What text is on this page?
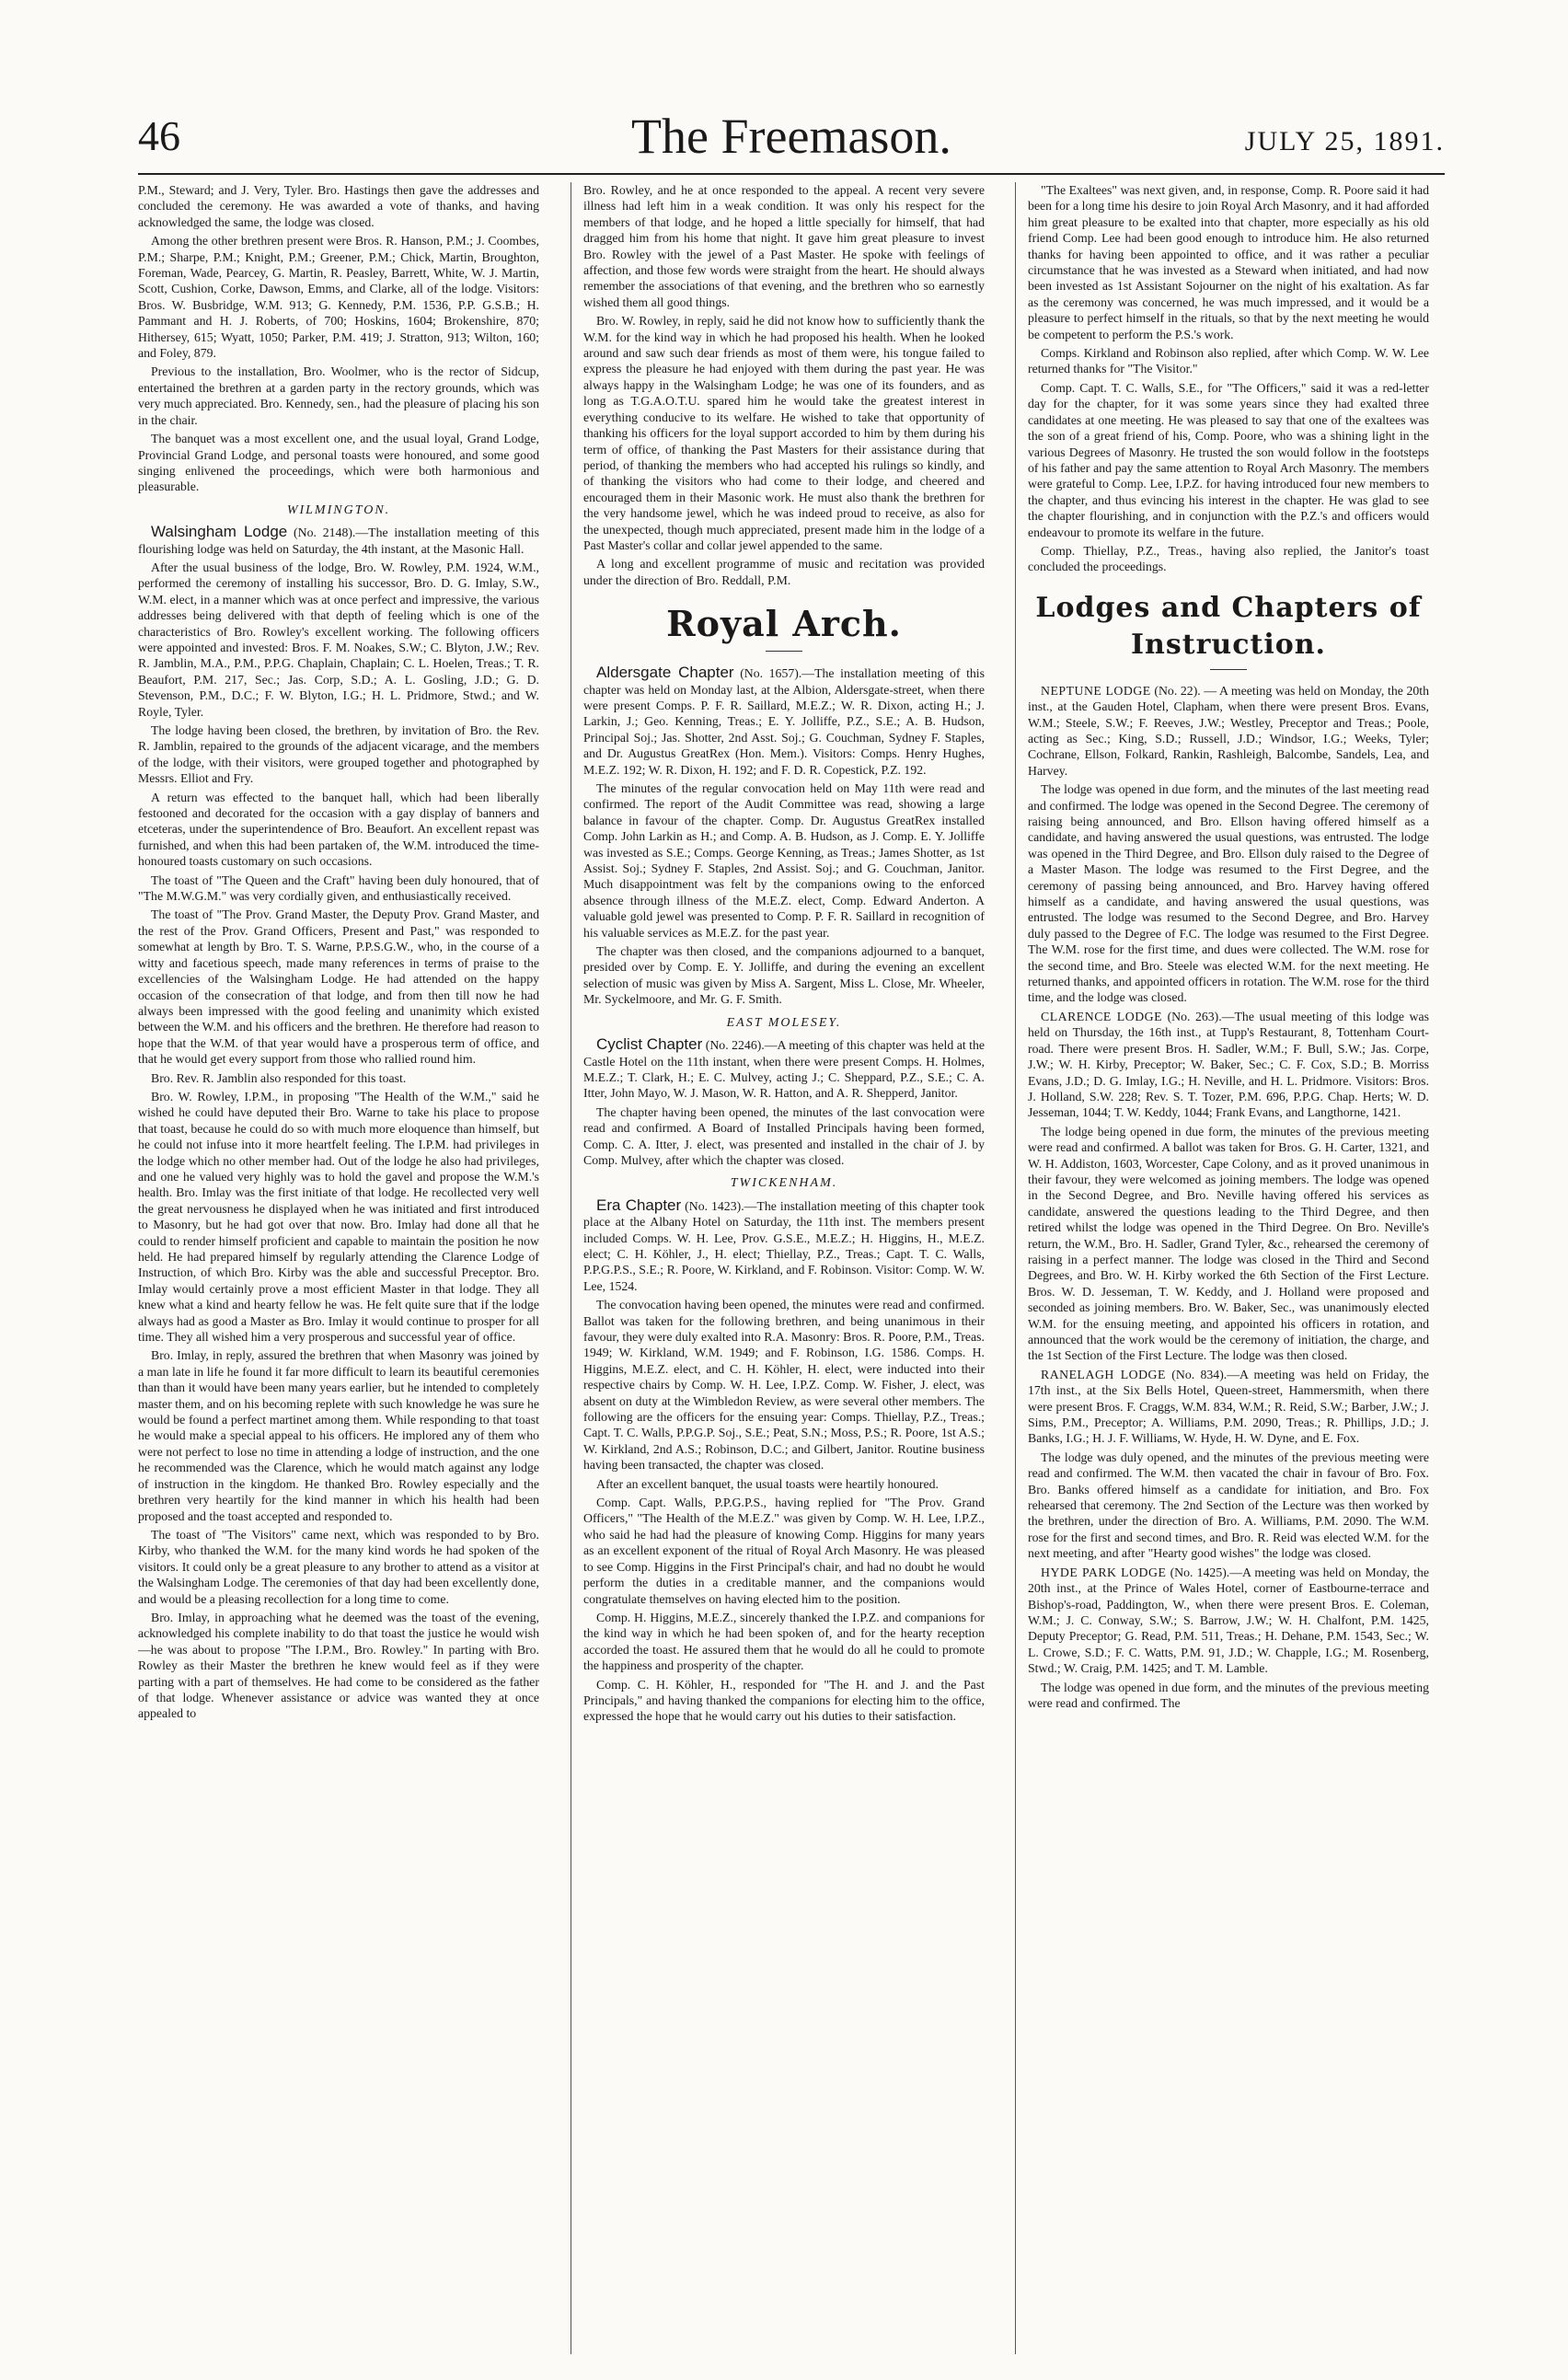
46	The Freemason.	JULY 25, 1891.

P.M., Steward; and J. Very, Tyler. Bro. Hastings then gave the addresses and concluded the ceremony. He was awarded a vote of thanks, and having acknowledged the same, the lodge was closed.

Among the other brethren present were Bros. R. Hanson, P.M.; J. Coombes, P.M.; Sharpe, P.M.; Knight, P.M.; Greener, P.M.; Chick, Martin, Broughton, Foreman, Wade, Pearcey, G. Martin, R. Peasley, Barrett, White, W. J. Martin, Scott, Cushion, Corke, Dawson, Emms, and Clarke, all of the lodge. Visitors: Bros. W. Busbridge, W.M. 913; G. Kennedy, P.M. 1536, P.P. G.S.B.; H. Pammant and H. J. Roberts, of 700; Hoskins, 1604; Brokenshire, 870; Hithersey, 615; Wyatt, 1050; Parker, P.M. 419; J. Stratton, 913; Wilton, 160; and Foley, 879.

Previous to the installation, Bro. Woolmer, who is the rector of Sidcup, entertained the brethren at a garden party in the rectory grounds, which was very much appreciated. Bro. Kennedy, sen., had the pleasure of placing his son in the chair.

The banquet was a most excellent one, and the usual loyal, Grand Lodge, Provincial Grand Lodge, and personal toasts were honoured, and some good singing enlivened the proceedings, which were both harmonious and pleasurable.

WILMINGTON.

Walsingham Lodge (No. 2148).—The installation meeting of this flourishing lodge was held on Saturday, the 4th instant, at the Masonic Hall.

After the usual business of the lodge, Bro. W. Rowley, P.M. 1924, W.M., performed the ceremony of installing his successor, Bro. D. G. Imlay, S.W., W.M. elect, in a manner which was at once perfect and impressive, the various addresses being delivered with that depth of feeling which is one of the characteristics of Bro. Rowley's excellent working. The following officers were appointed and invested: Bros. F. M. Noakes, S.W.; C. Blyton, J.W.; Rev. R. Jamblin, M.A., P.M., P.P.G. Chaplain, Chaplain; C. L. Hoelen, Treas.; T. R. Beaufort, P.M. 217, Sec.; Jas. Corp, S.D.; A. L. Gosling, J.D.; G. D. Stevenson, P.M., D.C.; F. W. Blyton, I.G.; H. L. Pridmore, Stwd.; and W. Royle, Tyler.

The lodge having been closed, the brethren, by invitation of Bro. the Rev. R. Jamblin, repaired to the grounds of the adjacent vicarage, and the members of the lodge, with their visitors, were grouped together and photographed by Messrs. Elliot and Fry.

A return was effected to the banquet hall, which had been liberally festooned and decorated for the occasion with a gay display of banners and etceteras, under the superintendence of Bro. Beaufort. An excellent repast was furnished, and when this had been partaken of, the W.M. introduced the time-honoured toasts customary on such occasions.

The toast of "The Queen and the Craft" having been duly honoured, that of "The M.W.G.M." was very cordially given, and enthusiastically received.

The toast of "The Prov. Grand Master, the Deputy Prov. Grand Master, and the rest of the Prov. Grand Officers, Present and Past," was responded to somewhat at length by Bro. T. S. Warne, P.P.S.G.W., who, in the course of a witty and facetious speech, made many references in terms of praise to the excellencies of the Walsingham Lodge. He had attended on the happy occasion of the consecration of that lodge, and from then till now he had always been impressed with the good feeling and unanimity which existed between the W.M. and his officers and the brethren. He therefore had reason to hope that the W.M. of that year would have a prosperous term of office, and that he would get every support from those who rallied round him.

Bro. Rev. R. Jamblin also responded for this toast.

Bro. W. Rowley, I.P.M., in proposing "The Health of the W.M.," said he wished he could have deputed their Bro. Warne to take his place to propose that toast, because he could do so with much more eloquence than himself, but he could not infuse into it more heartfelt feeling. The I.P.M. had privileges in the lodge which no other member had. Out of the lodge he also had privileges, and one he valued very highly was to hold the gavel and propose the W.M.'s health. Bro. Imlay was the first initiate of that lodge. He recollected very well the great nervousness he displayed when he was initiated and first introduced to Masonry, but he had got over that now. Bro. Imlay had done all that he could to render himself proficient and capable to maintain the position he now held. He had prepared himself by regularly attending the Clarence Lodge of Instruction, of which Bro. Kirby was the able and successful Preceptor. Bro. Imlay would certainly prove a most efficient Master in that lodge. They all knew what a kind and hearty fellow he was. He felt quite sure that if the lodge always had as good a Master as Bro. Imlay it would continue to prosper for all time. They all wished him a very prosperous and successful year of office.

Bro. Imlay, in reply, assured the brethren that when Masonry was joined by a man late in life he found it far more difficult to learn its beautiful ceremonies than than it would have been many years earlier, but he intended to completely master them, and on his becoming replete with such knowledge he was sure he would be found a perfect martinet among them. While responding to that toast he would make a special appeal to his officers. He implored any of them who were not perfect to lose no time in attending a lodge of instruction, and the one he recommended was the Clarence, which he would match against any lodge of instruction in the kingdom. He thanked Bro. Rowley especially and the brethren very heartily for the kind manner in which his health had been proposed and the toast accepted and responded to.

The toast of "The Visitors" came next, which was responded to by Bro. Kirby, who thanked the W.M. for the many kind words he had spoken of the visitors. It could only be a great pleasure to any brother to attend as a visitor at the Walsingham Lodge. The ceremonies of that day had been excellently done, and would be a pleasing recollection for a long time to come.

Bro. Imlay, in approaching what he deemed was the toast of the evening, acknowledged his complete inability to do that toast the justice he would wish—he was about to propose "The I.P.M., Bro. Rowley." In parting with Bro. Rowley as their Master the brethren he knew would feel as if they were parting with a part of themselves. He had come to be considered as the father of that lodge. Whenever assistance or advice was wanted they at once appealed to

Bro. Rowley, and he at once responded to the appeal. A recent very severe illness had left him in a weak condition. It was only his respect for the members of that lodge, and he hoped a little specially for himself, that had dragged him from his home that night. It gave him great pleasure to invest Bro. Rowley with the jewel of a Past Master. He spoke with feelings of affection, and those few words were straight from the heart. He should always remember the associations of that evening, and the brethren who so earnestly wished them all good things.

Bro. W. Rowley, in reply, said he did not know how to sufficiently thank the W.M. for the kind way in which he had proposed his health. When he looked around and saw such dear friends as most of them were, his tongue failed to express the pleasure he had enjoyed with them during the past year. He was always happy in the Walsingham Lodge; he was one of its founders, and as long as T.G.A.O.T.U. spared him he would take the greatest interest in everything conducive to its welfare. He wished to take that opportunity of thanking his officers for the loyal support accorded to him by them during his term of office, of thanking the Past Masters for their assistance during that period, of thanking the members who had accepted his rulings so kindly, and of thanking the visitors who had come to their lodge, and cheered and encouraged them in their Masonic work. He must also thank the brethren for the very handsome jewel, which he was indeed proud to receive, as also for the unexpected, though much appreciated, present made him in the lodge of a Past Master's collar and collar jewel appended to the same.

A long and excellent programme of music and recitation was provided under the direction of Bro. Reddall, P.M.

Royal Arch.

Aldersgate Chapter (No. 1657).—The installation meeting of this chapter was held on Monday last, at the Albion, Aldersgate-street, when there were present Comps. P. F. R. Saillard, M.E.Z.; W. R. Dixon, acting H.; J. Larkin, J.; Geo. Kenning, Treas.; E. Y. Jolliffe, P.Z., S.E.; A. B. Hudson, Principal Soj.; Jas. Shotter, 2nd Asst. Soj.; G. Couchman, Sydney F. Staples, and Dr. Augustus GreatRex (Hon. Mem.). Visitors: Comps. Henry Hughes, M.E.Z. 192; W. R. Dixon, H. 192; and F. D. R. Copestick, P.Z. 192.

The minutes of the regular convocation held on May 11th were read and confirmed. The report of the Audit Committee was read, showing a large balance in favour of the chapter. Comp. Dr. Augustus GreatRex installed Comp. John Larkin as H.; and Comp. A. B. Hudson, as J. Comp. E. Y. Jolliffe was invested as S.E.; Comps. George Kenning, as Treas.; James Shotter, as 1st Assist. Soj.; Sydney F. Staples, 2nd Assist. Soj.; and G. Couchman, Janitor. Much disappointment was felt by the companions owing to the enforced absence through illness of the M.E.Z. elect, Comp. Edward Anderton. A valuable gold jewel was presented to Comp. P. F. R. Saillard in recognition of his valuable services as M.E.Z. for the past year.

The chapter was then closed, and the companions adjourned to a banquet, presided over by Comp. E. Y. Jolliffe, and during the evening an excellent selection of music was given by Miss A. Sargent, Miss L. Close, Mr. Wheeler, Mr. Syckelmoore, and Mr. G. F. Smith.

EAST MOLESEY.

Cyclist Chapter (No. 2246).—A meeting of this chapter was held at the Castle Hotel on the 11th instant, when there were present Comps. H. Holmes, M.E.Z.; T. Clark, H.; E. C. Mulvey, acting J.; C. Sheppard, P.Z., S.E.; C. A. Itter, John Mayo, W. J. Mason, W. R. Hatton, and A. R. Shepperd, Janitor.

The chapter having been opened, the minutes of the last convocation were read and confirmed. A Board of Installed Principals having been formed, Comp. C. A. Itter, J. elect, was presented and installed in the chair of J. by Comp. Mulvey, after which the chapter was closed.

TWICKENHAM.

Era Chapter (No. 1423).—The installation meeting of this chapter took place at the Albany Hotel on Saturday, the 11th inst. The members present included Comps. W. H. Lee, Prov. G.S.E., M.E.Z.; H. Higgins, H., M.E.Z. elect; C. H. Köhler, J., H. elect; Thiellay, P.Z., Treas.; Capt. T. C. Walls, P.P.G.P.S., S.E.; R. Poore, W. Kirkland, and F. Robinson. Visitor: Comp. W. W. Lee, 1524.

The convocation having been opened, the minutes were read and confirmed. Ballot was taken for the following brethren, and being unanimous in their favour, they were duly exalted into R.A. Masonry: Bros. R. Poore, P.M., Treas. 1949; W. Kirkland, W.M. 1949; and F. Robinson, I.G. 1586. Comps. H. Higgins, M.E.Z. elect, and C. H. Köhler, H. elect, were inducted into their respective chairs by Comp. W. H. Lee, I.P.Z. Comp. W. Fisher, J. elect, was absent on duty at the Wimbledon Review, as were several other members. The following are the officers for the ensuing year: Comps. Thiellay, P.Z., Treas.; Capt. T. C. Walls, P.P.G.P. Soj., S.E.; Peat, S.N.; Moss, P.S.; R. Poore, 1st A.S.; W. Kirkland, 2nd A.S.; Robinson, D.C.; and Gilbert, Janitor. Routine business having been transacted, the chapter was closed.

After an excellent banquet, the usual toasts were heartily honoured.

Comp. Capt. Walls, P.P.G.P.S., having replied for "The Prov. Grand Officers," "The Health of the M.E.Z." was given by Comp. W. H. Lee, I.P.Z., who said he had had the pleasure of knowing Comp. Higgins for many years as an excellent exponent of the ritual of Royal Arch Masonry. He was pleased to see Comp. Higgins in the First Principal's chair, and had no doubt he would perform the duties in a creditable manner, and the companions would congratulate themselves on having elected him to the position.

Comp. H. Higgins, M.E.Z., sincerely thanked the I.P.Z. and companions for the kind way in which he had been spoken of, and for the hearty reception accorded the toast. He assured them that he would do all he could to promote the happiness and prosperity of the chapter.

Comp. C. H. Köhler, H., responded for "The H. and J. and the Past Principals," and having thanked the companions for electing him to the office, expressed the hope that he would carry out his duties to their satisfaction.

"The Exaltees" was next given, and, in response, Comp. R. Poore said it had been for a long time his desire to join Royal Arch Masonry, and it had afforded him great pleasure to be exalted into that chapter, more especially as his old friend Comp. Lee had been good enough to introduce him. He also returned thanks for having been appointed to office, and it was rather a peculiar circumstance that he was invested as a Steward when initiated, and had now been invested as 1st Assistant Sojourner on the night of his exaltation. As far as the ceremony was concerned, he was much impressed, and it would be a pleasure to perfect himself in the rituals, so that by the next meeting he would be competent to perform the P.S.'s work.

Comps. Kirkland and Robinson also replied, after which Comp. W. W. Lee returned thanks for "The Visitor."

Comp. Capt. T. C. Walls, S.E., for "The Officers," said it was a red-letter day for the chapter, for it was some years since they had exalted three candidates at one meeting. He was pleased to say that one of the exaltees was the son of a great friend of his, Comp. Poore, who was a shining light in the various Degrees of Masonry. He trusted the son would follow in the footsteps of his father and pay the same attention to Royal Arch Masonry. The members were grateful to Comp. Lee, I.P.Z. for having introduced four new members to the chapter, and thus evincing his interest in the chapter. He was glad to see the chapter flourishing, and in conjunction with the P.Z.'s and officers would endeavour to promote its welfare in the future.

Comp. Thiellay, P.Z., Treas., having also replied, the Janitor's toast concluded the proceedings.

Lodges and Chapters of
Instruction.

NEPTUNE LODGE (No. 22). — A meeting was held on Monday, the 20th inst., at the Gauden Hotel, Clapham, when there were present Bros. Evans, W.M.; Steele, S.W.; F. Reeves, J.W.; Westley, Preceptor and Treas.; Poole, acting as Sec.; King, S.D.; Russell, J.D.; Windsor, I.G.; Weeks, Tyler; Cochrane, Ellson, Folkard, Rankin, Rashleigh, Balcombe, Sandels, Lea, and Harvey.

The lodge was opened in due form, and the minutes of the last meeting read and confirmed. The lodge was opened in the Second Degree. The ceremony of raising being announced, and Bro. Ellson having offered himself as a candidate, and having answered the usual questions, was entrusted. The lodge was opened in the Third Degree, and Bro. Ellson duly raised to the Degree of a Master Mason. The lodge was resumed to the First Degree, and the ceremony of passing being announced, and Bro. Harvey having offered himself as a candidate, and having answered the usual questions, was entrusted. The lodge was resumed to the Second Degree, and Bro. Harvey duly passed to the Degree of F.C. The lodge was resumed to the First Degree. The W.M. rose for the first time, and dues were collected. The W.M. rose for the second time, and Bro. Steele was elected W.M. for the next meeting. He returned thanks, and appointed officers in rotation. The W.M. rose for the third time, and the lodge was closed.

CLARENCE LODGE (No. 263).—The usual meeting of this lodge was held on Thursday, the 16th inst., at Tupp's Restaurant, 8, Tottenham Court-road. There were present Bros. H. Sadler, W.M.; F. Bull, S.W.; Jas. Corpe, J.W.; W. H. Kirby, Preceptor; W. Baker, Sec.; C. F. Cox, S.D.; B. Morriss Evans, J.D.; D. G. Imlay, I.G.; H. Neville, and H. L. Pridmore. Visitors: Bros. J. Holland, S.W. 228; Rev. S. T. Tozer, P.M. 696, P.P.G. Chap. Herts; W. D. Jesseman, 1044; T. W. Keddy, 1044; Frank Evans, and Langthorne, 1421.

The lodge being opened in due form, the minutes of the previous meeting were read and confirmed. A ballot was taken for Bros. G. H. Carter, 1321, and W. H. Addiston, 1603, Worcester, Cape Colony, and as it proved unanimous in their favour, they were welcomed as joining members. The lodge was opened in the Second Degree, and Bro. Neville having offered his services as candidate, answered the questions leading to the Third Degree, and then retired whilst the lodge was opened in the Third Degree. On Bro. Neville's return, the W.M., Bro. H. Sadler, Grand Tyler, &c., rehearsed the ceremony of raising in a perfect manner. The lodge was closed in the Third and Second Degrees, and Bro. W. H. Kirby worked the 6th Section of the First Lecture. Bros. W. D. Jesseman, T. W. Keddy, and J. Holland were proposed and seconded as joining members. Bro. W. Baker, Sec., was unanimously elected W.M. for the ensuing meeting, and appointed his officers in rotation, and announced that the work would be the ceremony of initiation, the charge, and the 1st Section of the First Lecture. The lodge was then closed.

RANELAGH LODGE (No. 834).—A meeting was held on Friday, the 17th inst., at the Six Bells Hotel, Queen-street, Hammersmith, when there were present Bros. F. Craggs, W.M. 834, W.M.; R. Reid, S.W.; Barber, J.W.; J. Sims, P.M., Preceptor; A. Williams, P.M. 2090, Treas.; R. Phillips, J.D.; J. Banks, I.G.; H. J. F. Williams, W. Hyde, H. W. Dyne, and E. Fox.

The lodge was duly opened, and the minutes of the previous meeting were read and confirmed. The W.M. then vacated the chair in favour of Bro. Fox. Bro. Banks offered himself as a candidate for initiation, and Bro. Fox rehearsed that ceremony. The 2nd Section of the Lecture was then worked by the brethren, under the direction of Bro. A. Williams, P.M. 2090. The W.M. rose for the first and second times, and Bro. R. Reid was elected W.M. for the next meeting, and after "Hearty good wishes" the lodge was closed.

HYDE PARK LODGE (No. 1425).—A meeting was held on Monday, the 20th inst., at the Prince of Wales Hotel, corner of Eastbourne-terrace and Bishop's-road, Paddington, W., when there were present Bros. E. Coleman, W.M.; J. C. Conway, S.W.; S. Barrow, J.W.; W. H. Chalfont, P.M. 1425, Deputy Preceptor; G. Read, P.M. 511, Treas.; H. Dehane, P.M. 1543, Sec.; W. L. Crowe, S.D.; F. C. Watts, P.M. 91, J.D.; W. Chapple, I.G.; M. Rosenberg, Stwd.; W. Craig, P.M. 1425; and T. M. Lamble.

The lodge was opened in due form, and the minutes of the previous meeting were read and confirmed. The
